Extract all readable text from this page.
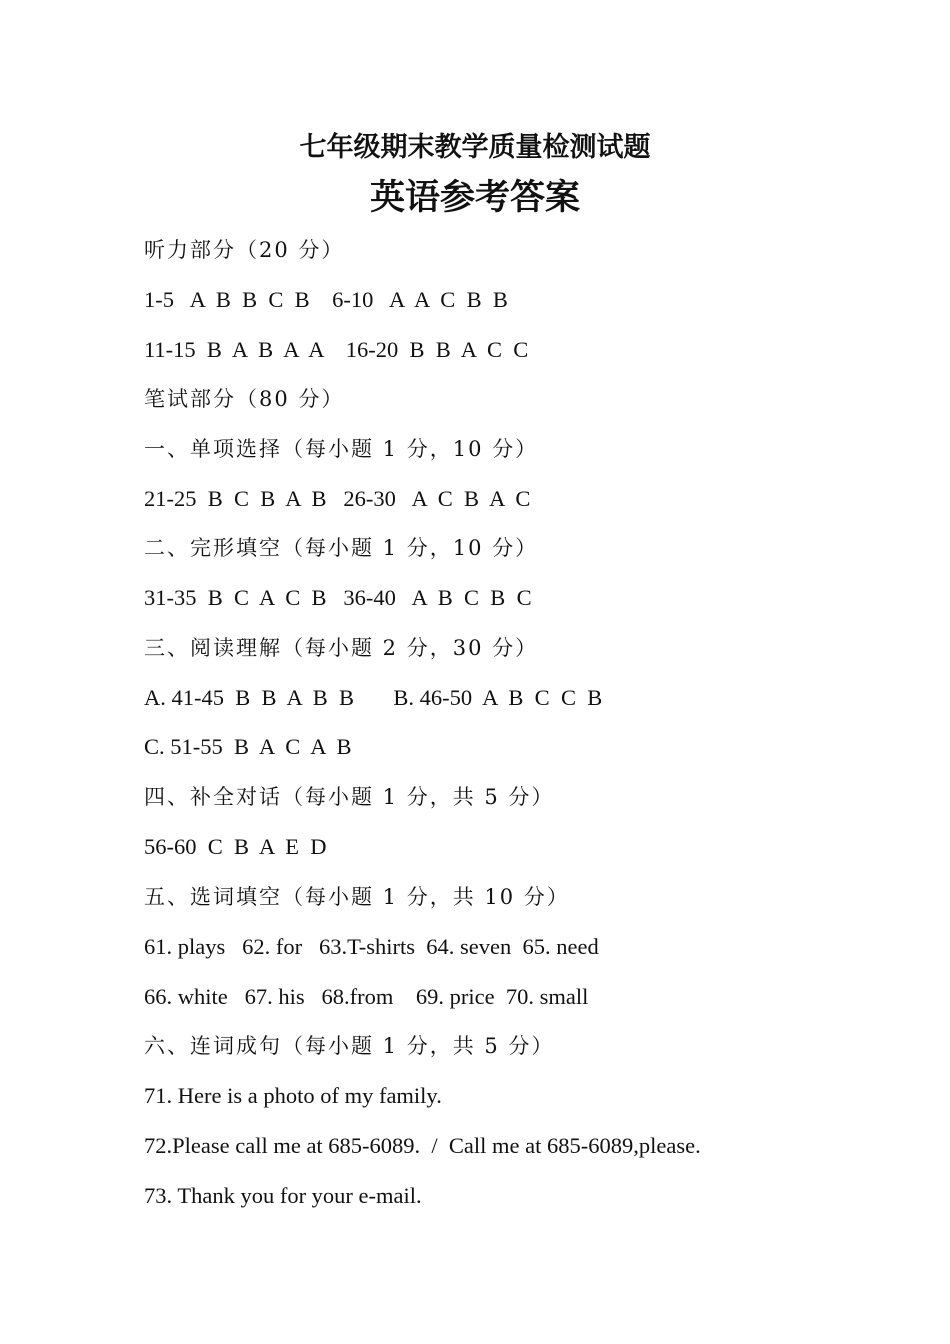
七年级期末教学质量检测试题
英语参考答案
听力部分（20 分）
1-5   A  B  B  C  B    6-10   A  A  C  B  B
11-15  B  A  B  A  A    16-20  B  B  A  C  C
笔试部分（80 分）
一、单项选择（每小题 1 分，10 分）
21-25  B  C  B  A  B   26-30   A  C  B  A  C
二、完形填空（每小题 1 分，10 分）
31-35  B  C  A  C  B   36-40   A  B  C  B  C
三、阅读理解（每小题 2 分，30 分）
A. 41-45  B  B  A  B  B       B. 46-50  A  B  C  C  B
C. 51-55  B  A  C  A  B
四、补全对话（每小题 1 分，共 5 分）
56-60  C  B  A  E  D
五、选词填空（每小题 1 分，共 10 分）
61. plays   62. for   63.T-shirts  64. seven  65. need
66. white   67. his   68.from    69. price  70. small
六、连词成句（每小题 1 分，共 5 分）
71. Here is a photo of my family.
72.Please call me at 685-6089.  /  Call me at 685-6089,please.
73. Thank you for your e-mail.
